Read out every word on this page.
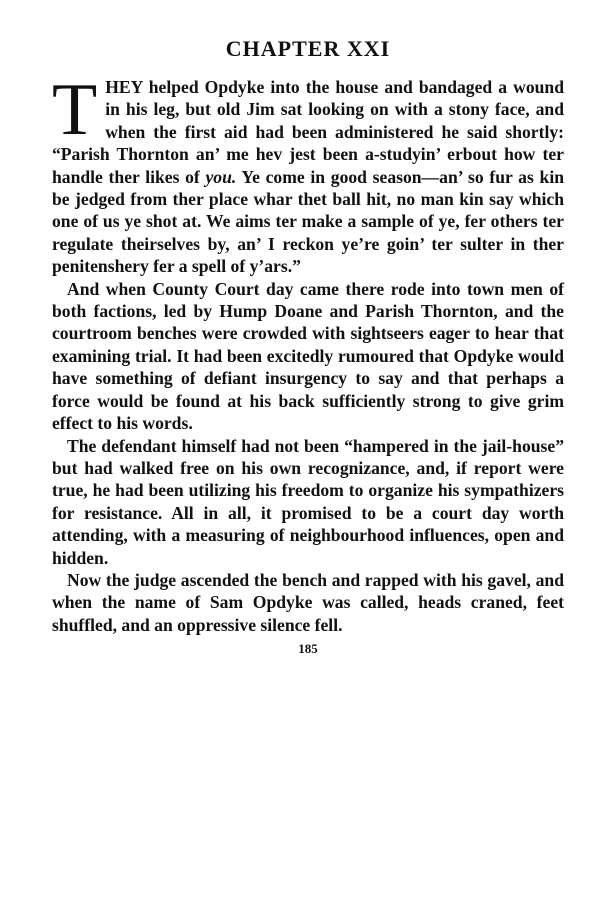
CHAPTER XXI

THEY helped Opdyke into the house and bandaged a wound in his leg, but old Jim sat looking on with a stony face, and when the first aid had been administered he said shortly: “Parish Thornton an’ me hev jest been a-studyin’ erbout how ter handle ther likes of you. Ye come in good season—an’ so fur as kin be jedged from ther place whar thet ball hit, no man kin say which one of us ye shot at. We aims ter make a sample of ye, fer others ter regulate theirselves by, an’ I reckon ye’re goin’ ter sulter in ther penitenshery fer a spell of y’ars.”

And when County Court day came there rode into town men of both factions, led by Hump Doane and Parish Thornton, and the courtroom benches were crowded with sightseers eager to hear that examining trial. It had been excitedly rumoured that Opdyke would have something of defiant insurgency to say and that perhaps a force would be found at his back sufficiently strong to give grim effect to his words.

The defendant himself had not been “hampered in the jail-house” but had walked free on his own recognizance, and, if report were true, he had been utilizing his freedom to organize his sympathizers for resistance. All in all, it promised to be a court day worth attending, with a measuring of neighbourhood influences, open and hidden.

Now the judge ascended the bench and rapped with his gavel, and when the name of Sam Opdyke was called, heads craned, feet shuffled, and an oppressive silence fell.

185
